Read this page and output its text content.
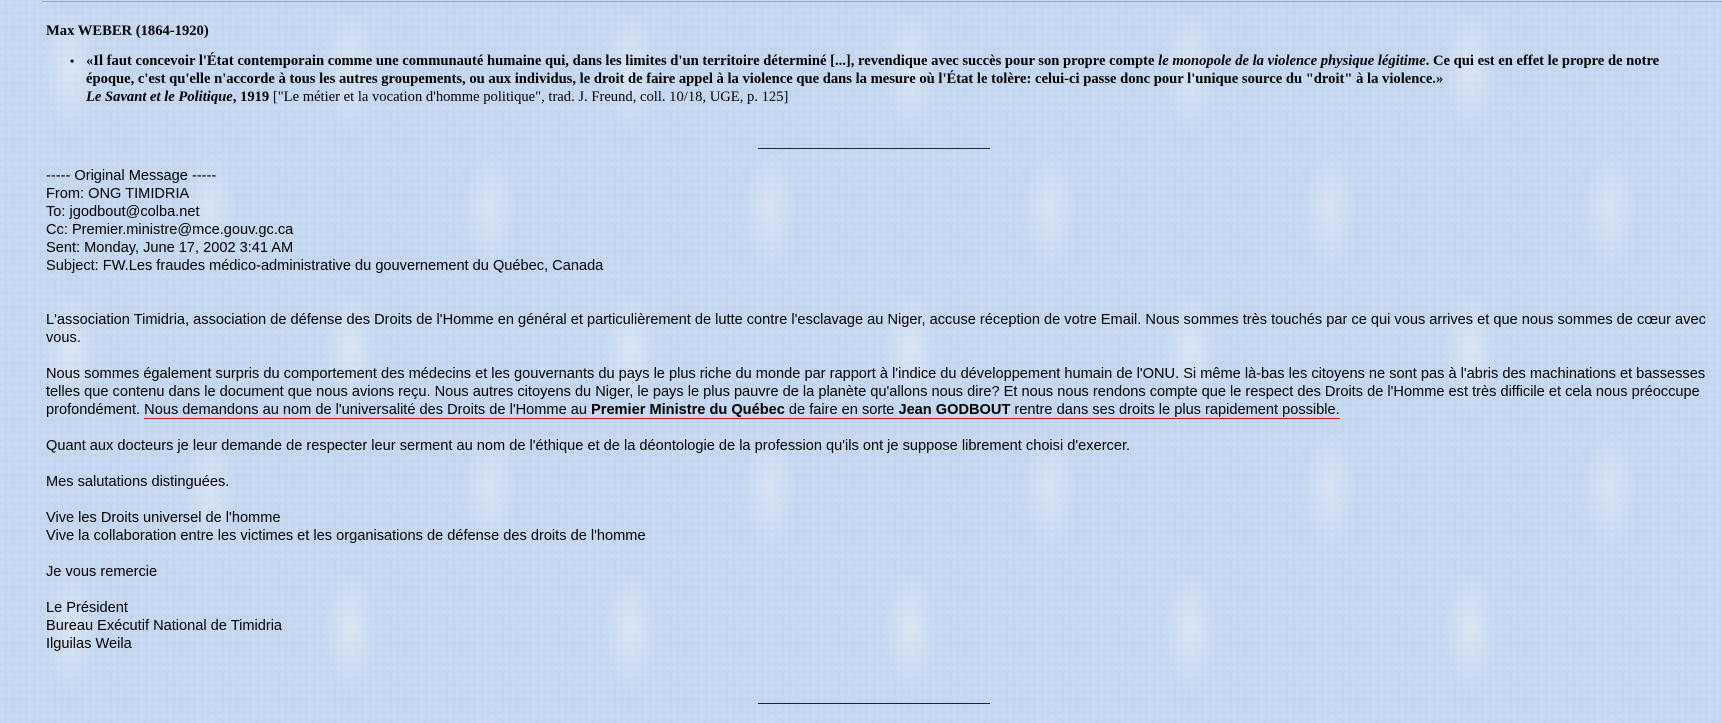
Max WEBER (1864-1920)

• «Il faut concevoir l'État contemporain comme une communauté humaine qui, dans les limites d'un territoire déterminé [...], revendique avec succès pour son propre compte le monopole de la violence physique légitime. Ce qui est en effet le propre de notre époque, c'est qu'elle n'accorde à tous les autres groupements, ou aux individus, le droit de faire appel à la violence que dans la mesure où l'État le tolère: celui-ci passe donc pour l'unique source du "droit" à la violence.»
Le Savant et le Politique, 1919 ["Le métier et la vocation d'homme politique", trad. J. Freund, coll. 10/18, UGE, p. 125]

----- Original Message -----
From: ONG TIMIDRIA
To: jgodbout@colba.net
Cc: Premier.ministre@mce.gouv.gc.ca
Sent: Monday, June 17, 2002 3:41 AM
Subject: FW.Les fraudes médico-administrative du gouvernement du Québec, Canada

L'association Timidria, association de défense des Droits de l'Homme en général et particulièrement de lutte contre l'esclavage au Niger, accuse réception de votre Email. Nous sommes très touchés par ce qui vous arrives et que nous sommes de cœur avec vous.

Nous sommes également surpris du comportement des médecins et les gouvernants du pays le plus riche du monde par rapport à l'indice du développement humain de l'ONU. Si même là-bas les citoyens ne sont pas à l'abris des machinations et bassesses telles que contenu dans le document que nous avions reçu. Nous autres citoyens du Niger, le pays le plus pauvre de la planète qu'allons nous dire? Et nous nous rendons compte que le respect des Droits de l'Homme est très difficile et cela nous préoccupe profondément. Nous demandons au nom de l'universalité des Droits de l'Homme au Premier Ministre du Québec de faire en sorte Jean GODBOUT rentre dans ses droits le plus rapidement possible.

Quant aux docteurs je leur demande de respecter leur serment au nom de l'éthique et de la déontologie de la profession qu'ils ont je suppose librement choisi d'exercer.

Mes salutations distinguées.

Vive les Droits universel de l'homme
Vive la collaboration entre les victimes et les organisations de défense des droits de l'homme

Je vous remercie

Le Président
Bureau Exécutif National de Timidria
Ilguilas Weila
